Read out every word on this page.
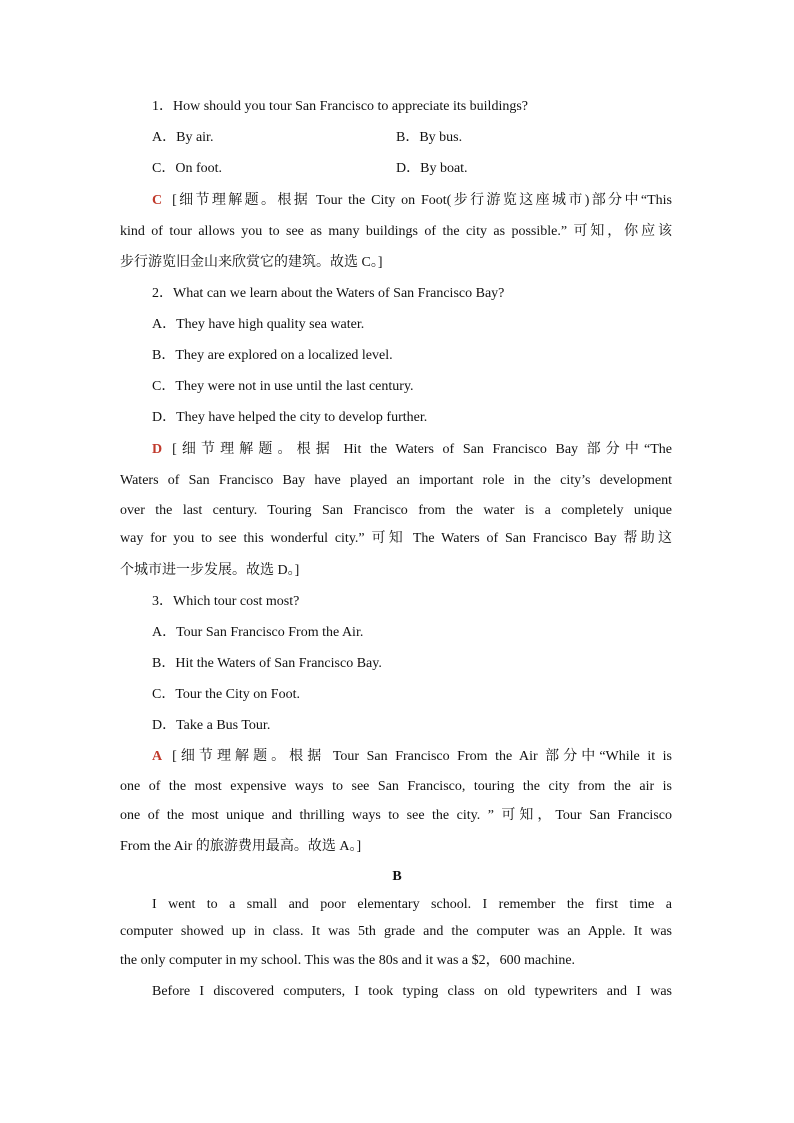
1．How should you tour San Francisco to appreciate its buildings?
A．By air.	B．By bus.
C．On foot.	D．By boat.
C [细节理解题。根据 Tour the City on Foot(步行游览这座城市)部分中“This
kind of tour allows you to see as many buildings of the city as possible.” 可知，你应该
步行游览旧金山来欣赏它的建筑。故选 C。]
2．What can we learn about the Waters of San Francisco Bay?
A．They have high quality sea water.
B．They are explored on a localized level.
C．They were not in use until the last century.
D．They have helped the city to develop further.
D [细节理解题。根据 Hit the Waters of San Francisco Bay 部分中“The
Waters of San Francisco Bay have played an important role in the city’s development
over the last century. Touring San Francisco from the water is a completely unique
way for you to see this wonderful city.” 可知 The Waters of San Francisco Bay 帮助这
个城市进一步发展。故选 D。]
3．Which tour cost most?
A．Tour San Francisco From the Air.
B．Hit the Waters of San Francisco Bay.
C．Tour the City on Foot.
D．Take a Bus Tour.
A [细节理解题。根据 Tour San Francisco From the Air 部分中“While it is
one of the most expensive ways to see San Francisco, touring the city from the air is
one of the most unique and thrilling ways to see the city. ” 可知，Tour San Francisco
From the Air 的旅游费用最高。故选 A。]
B
I went to a small and poor elementary school. I remember the first time a
computer showed up in class. It was 5th grade and the computer was an Apple. It was
the only computer in my school. This was the 80s and it was a $2，600 machine.
Before I discovered computers, I took typing class on old typewriters and I was
